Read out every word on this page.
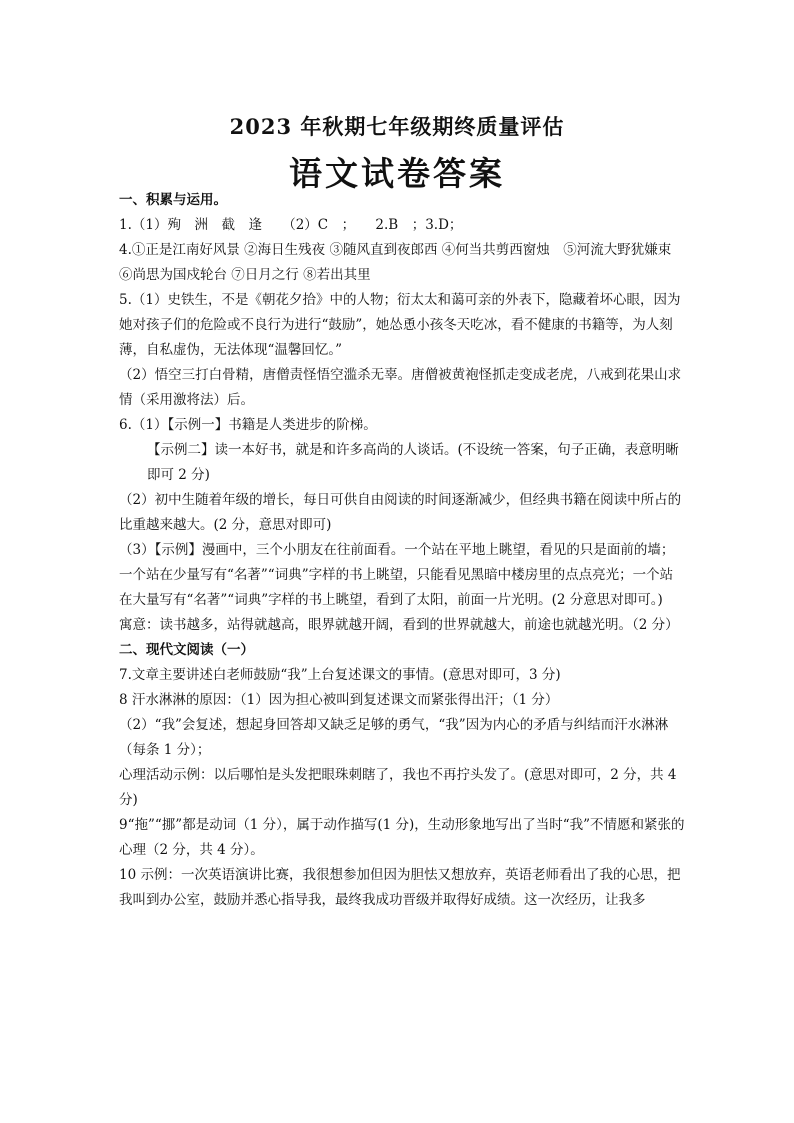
2023 年秋期七年级期终质量评估
语文试卷答案

一、积累与运用。

1.（1）殉　洲　截　逢　　（2）C　；　　2.B　；3.D；

4.①正是江南好风景 ②海日生残夜 ③随风直到夜郎西 ④何当共剪西窗烛　⑤河流大野犹嫌束　⑥尚思为国戍轮台 ⑦日月之行 ⑧若出其里

5.（1）史铁生，不是《朝花夕拾》中的人物；衍太太和蔼可亲的外表下，隐藏着坏心眼，因为她对孩子们的危险或不良行为进行“鼓励”，她怂恿小孩冬天吃冰，看不健康的书籍等，为人刻薄，自私虚伪，无法体现“温馨回忆。”

（2）悟空三打白骨精，唐僧责怪悟空滥杀无辜。唐僧被黄袍怪抓走变成老虎，八戒到花果山求情（采用激将法）后。

6.（1）【示例一】书籍是人类进步的阶梯。

【示例二】读一本好书，就是和许多高尚的人谈话。(不设统一答案，句子正确，表意明晰即可 2 分)

（2）初中生随着年级的增长，每日可供自由阅读的时间逐渐减少，但经典书籍在阅读中所占的比重越来越大。(2 分，意思对即可)

（3）【示例】漫画中，三个小朋友在往前面看。一个站在平地上眺望，看见的只是面前的墙；一个站在少量写有“名著”“词典”字样的书上眺望，只能看见黑暗中楼房里的点点亮光；一个站在大量写有“名著”“词典”字样的书上眺望，看到了太阳，前面一片光明。(2 分意思对即可。)

寓意：读书越多，站得就越高，眼界就越开阔，看到的世界就越大，前途也就越光明。（2 分）

二、现代文阅读（一）

7.文章主要讲述白老师鼓励“我”上台复述课文的事情。(意思对即可，3 分)

8 汗水淋淋的原因：（1）因为担心被叫到复述课文而紧张得出汗；（1 分）

（2）“我”会复述，想起身回答却又缺乏足够的勇气，“我”因为内心的矛盾与纠结而汗水淋淋（每条 1 分）；

心理活动示例：以后哪怕是头发把眼珠刺瞎了，我也不再拧头发了。(意思对即可，2 分，共 4 分)

9“拖”“挪”都是动词（1 分），属于动作描写(1 分)，生动形象地写出了当时“我”不情愿和紧张的心理（2 分，共 4 分）。

10 示例：一次英语演讲比赛，我很想参加但因为胆怯又想放弃，英语老师看出了我的心思，把我叫到办公室，鼓励并悉心指导我，最终我成功晋级并取得好成绩。这一次经历，让我多
